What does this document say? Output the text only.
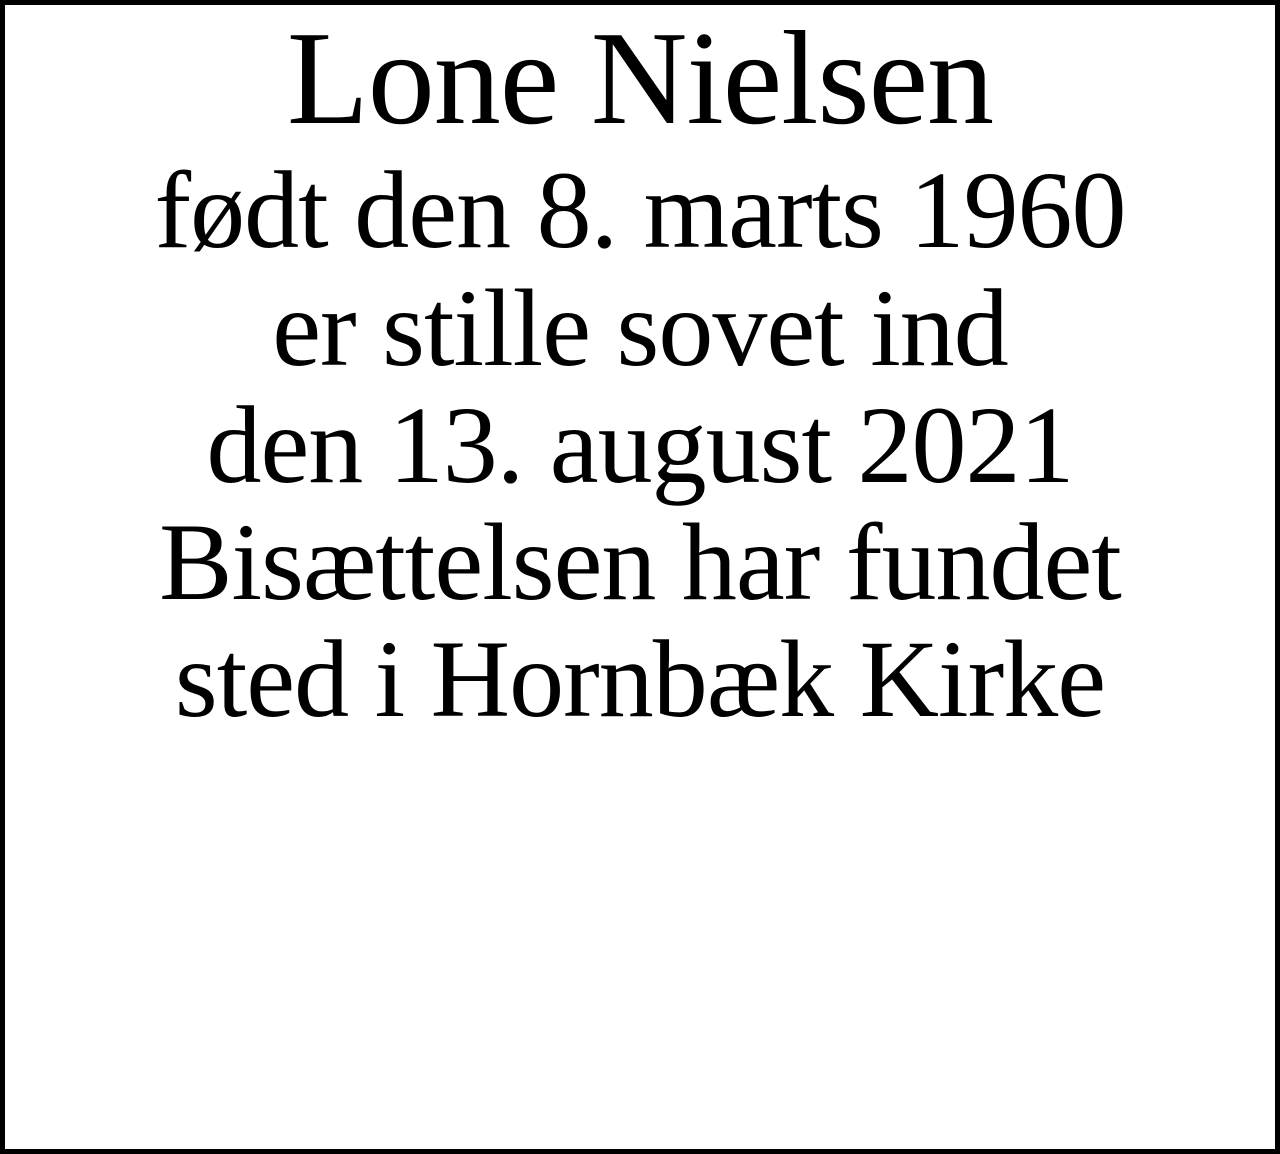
Lone Nielsen

født den 8. marts 1960

er stille sovet ind
den 13. august 2021

Bisættelsen har fundet
sted i Hornbæk Kirke
